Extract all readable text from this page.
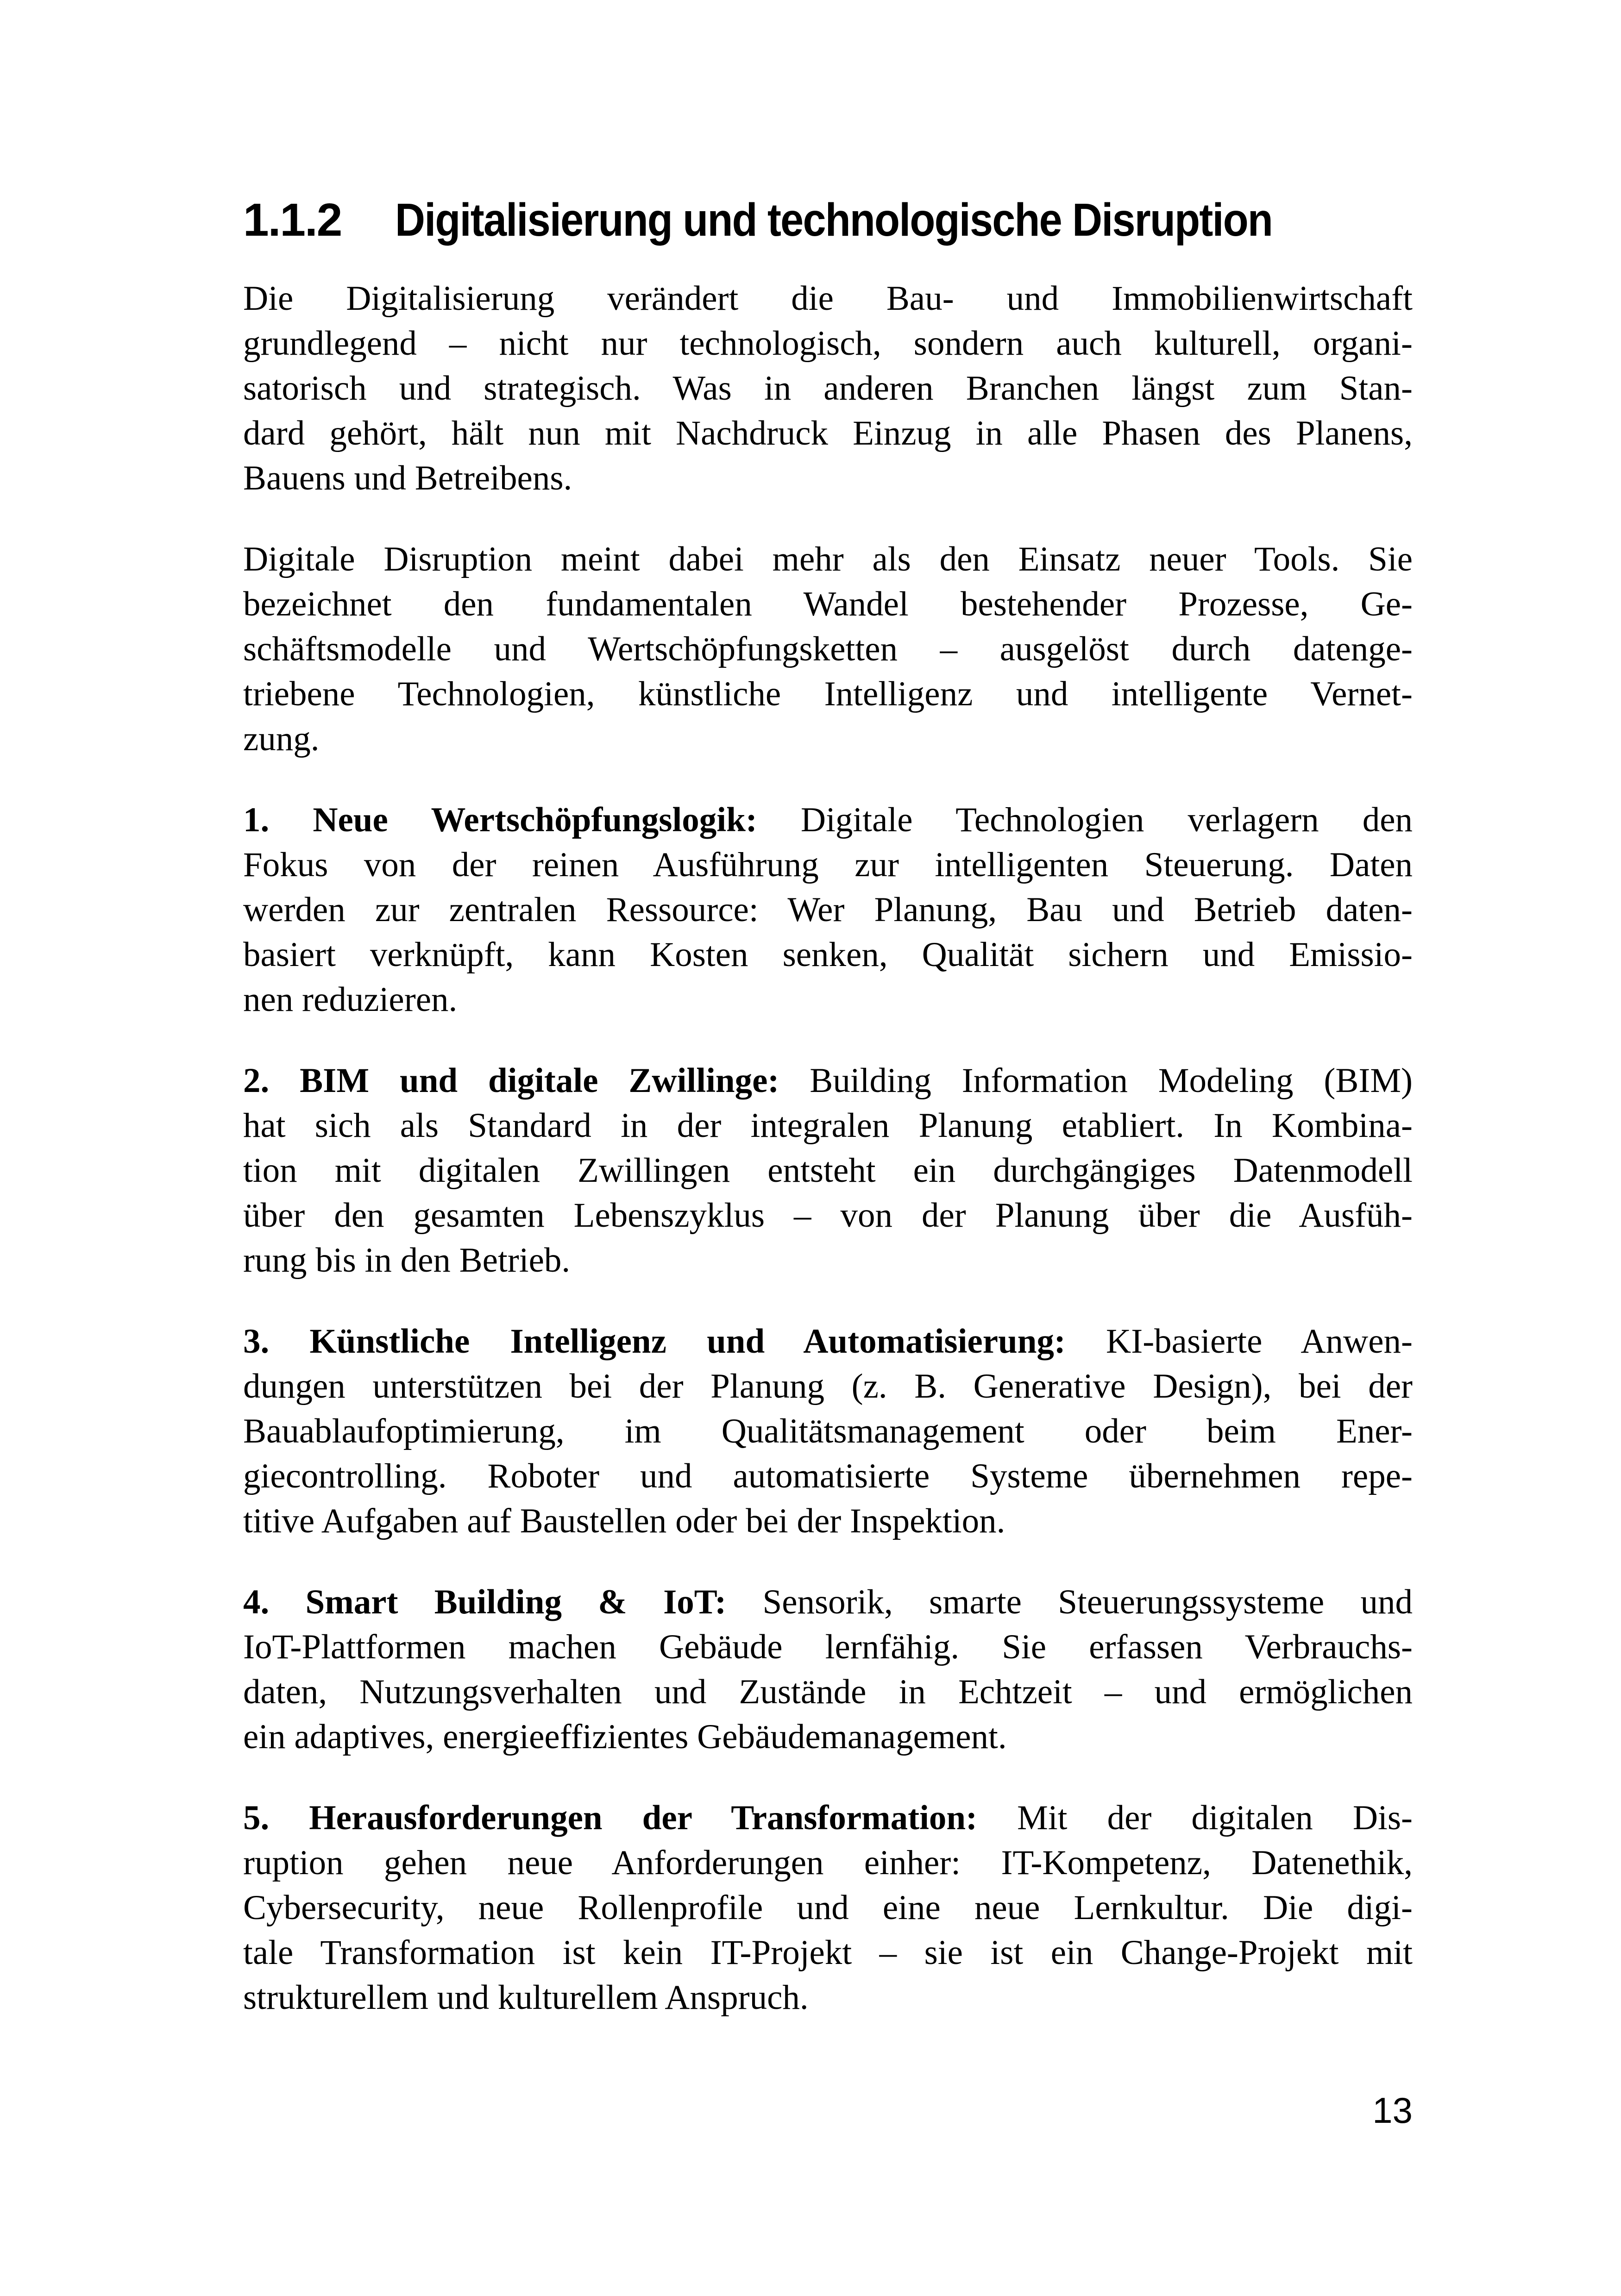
1.1.2	Digitalisierung und technologische Disruption
Die Digitalisierung verändert die Bau- und Immobilienwirtschaft
grundlegend – nicht nur technologisch, sondern auch kulturell, organi-
satorisch und strategisch. Was in anderen Branchen längst zum Stan-
dard gehört, hält nun mit Nachdruck Einzug in alle Phasen des Planens,
Bauens und Betreibens.
Digitale Disruption meint dabei mehr als den Einsatz neuer Tools. Sie
bezeichnet den fundamentalen Wandel bestehender Prozesse, Ge-
schäftsmodelle und Wertschöpfungsketten – ausgelöst durch datenge-
triebene Technologien, künstliche Intelligenz und intelligente Vernet-
zung.
1. Neue Wertschöpfungslogik: Digitale Technologien verlagern den
Fokus von der reinen Ausführung zur intelligenten Steuerung. Daten
werden zur zentralen Ressource: Wer Planung, Bau und Betrieb daten-
basiert verknüpft, kann Kosten senken, Qualität sichern und Emissio-
nen reduzieren.
2. BIM und digitale Zwillinge: Building Information Modeling (BIM)
hat sich als Standard in der integralen Planung etabliert. In Kombina-
tion mit digitalen Zwillingen entsteht ein durchgängiges Datenmodell
über den gesamten Lebenszyklus – von der Planung über die Ausfüh-
rung bis in den Betrieb.
3. Künstliche Intelligenz und Automatisierung: KI-basierte Anwen-
dungen unterstützen bei der Planung (z. B. Generative Design), bei der
Bauablaufoptimierung, im Qualitätsmanagement oder beim Ener-
giecontrolling. Roboter und automatisierte Systeme übernehmen repe-
titive Aufgaben auf Baustellen oder bei der Inspektion.
4. Smart Building & IoT: Sensorik, smarte Steuerungssysteme und
IoT-Plattformen machen Gebäude lernfähig. Sie erfassen Verbrauchs-
daten, Nutzungsverhalten und Zustände in Echtzeit – und ermöglichen
ein adaptives, energieeffizientes Gebäudemanagement.
5. Herausforderungen der Transformation: Mit der digitalen Dis-
ruption gehen neue Anforderungen einher: IT-Kompetenz, Datenethik,
Cybersecurity, neue Rollenprofile und eine neue Lernkultur. Die digi-
tale Transformation ist kein IT-Projekt – sie ist ein Change-Projekt mit
strukturellem und kulturellem Anspruch.
13
